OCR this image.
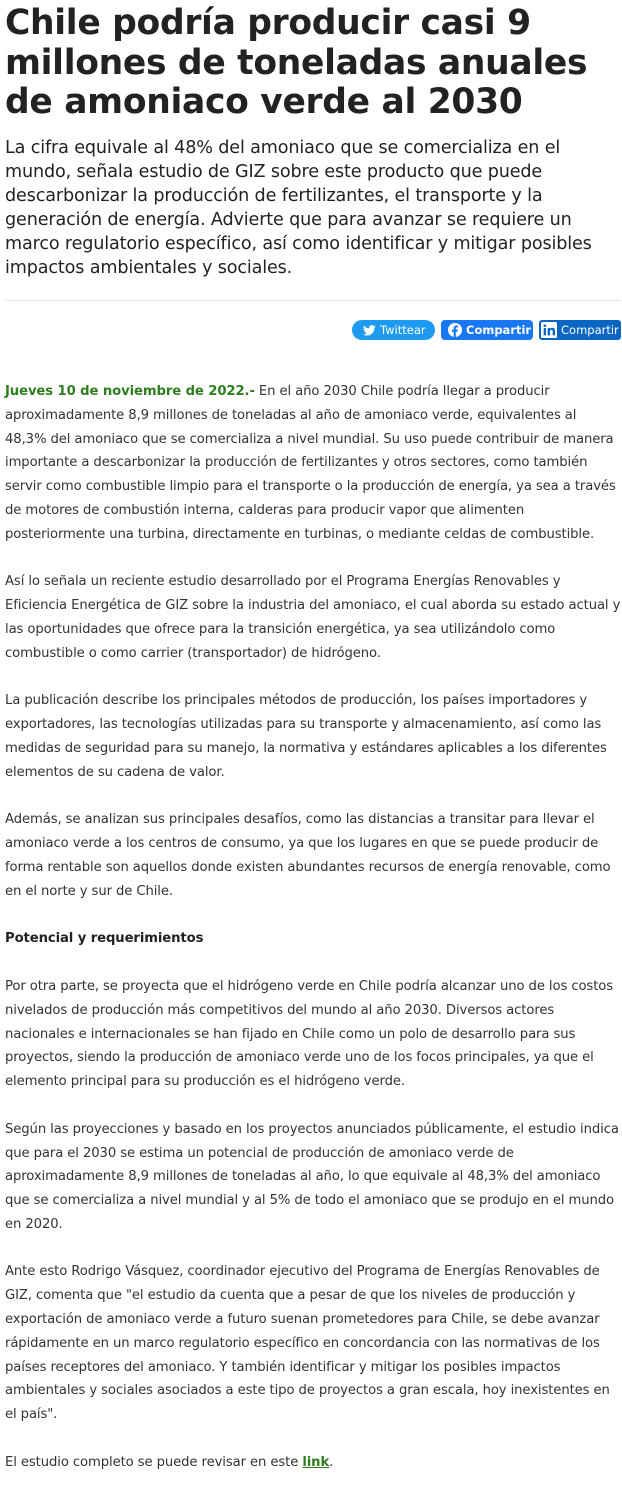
Chile podría producir casi 9 millones de toneladas anuales de amoniaco verde al 2030
La cifra equivale al 48% del amoniaco que se comercializa en el mundo, señala estudio de GIZ sobre este producto que puede descarbonizar la producción de fertilizantes, el transporte y la generación de energía. Advierte que para avanzar se requiere un marco regulatorio específico, así como identificar y mitigar posibles impactos ambientales y sociales.
Twittear	Compartir	Compartir

Jueves 10 de noviembre de 2022.- En el año 2030 Chile podría llegar a producir aproximadamente 8,9 millones de toneladas al año de amoniaco verde, equivalentes al 48,3% del amoniaco que se comercializa a nivel mundial. Su uso puede contribuir de manera importante a descarbonizar la producción de fertilizantes y otros sectores, como también servir como combustible limpio para el transporte o la producción de energía, ya sea a través de motores de combustión interna, calderas para producir vapor que alimenten posteriormente una turbina, directamente en turbinas, o mediante celdas de combustible.

Así lo señala un reciente estudio desarrollado por el Programa Energías Renovables y Eficiencia Energética de GIZ sobre la industria del amoniaco, el cual aborda su estado actual y las oportunidades que ofrece para la transición energética, ya sea utilizándolo como combustible o como carrier (transportador) de hidrógeno.

La publicación describe los principales métodos de producción, los países importadores y exportadores, las tecnologías utilizadas para su transporte y almacenamiento, así como las medidas de seguridad para su manejo, la normativa y estándares aplicables a los diferentes elementos de su cadena de valor.

Además, se analizan sus principales desafíos, como las distancias a transitar para llevar el amoniaco verde a los centros de consumo, ya que los lugares en que se puede producir de forma rentable son aquellos donde existen abundantes recursos de energía renovable, como en el norte y sur de Chile.

Potencial y requerimientos

Por otra parte, se proyecta que el hidrógeno verde en Chile podría alcanzar uno de los costos nivelados de producción más competitivos del mundo al año 2030. Diversos actores nacionales e internacionales se han fijado en Chile como un polo de desarrollo para sus proyectos, siendo la producción de amoniaco verde uno de los focos principales, ya que el elemento principal para su producción es el hidrógeno verde.

Según las proyecciones y basado en los proyectos anunciados públicamente, el estudio indica que para el 2030 se estima un potencial de producción de amoniaco verde de aproximadamente 8,9 millones de toneladas al año, lo que equivale al 48,3% del amoniaco que se comercializa a nivel mundial y al 5% de todo el amoniaco que se produjo en el mundo en 2020.

Ante esto Rodrigo Vásquez, coordinador ejecutivo del Programa de Energías Renovables de GIZ, comenta que "el estudio da cuenta que a pesar de que los niveles de producción y exportación de amoniaco verde a futuro suenan prometedores para Chile, se debe avanzar rápidamente en un marco regulatorio específico en concordancia con las normativas de los países receptores del amoniaco. Y también identificar y mitigar los posibles impactos ambientales y sociales asociados a este tipo de proyectos a gran escala, hoy inexistentes en el país".

El estudio completo se puede revisar en este link.
